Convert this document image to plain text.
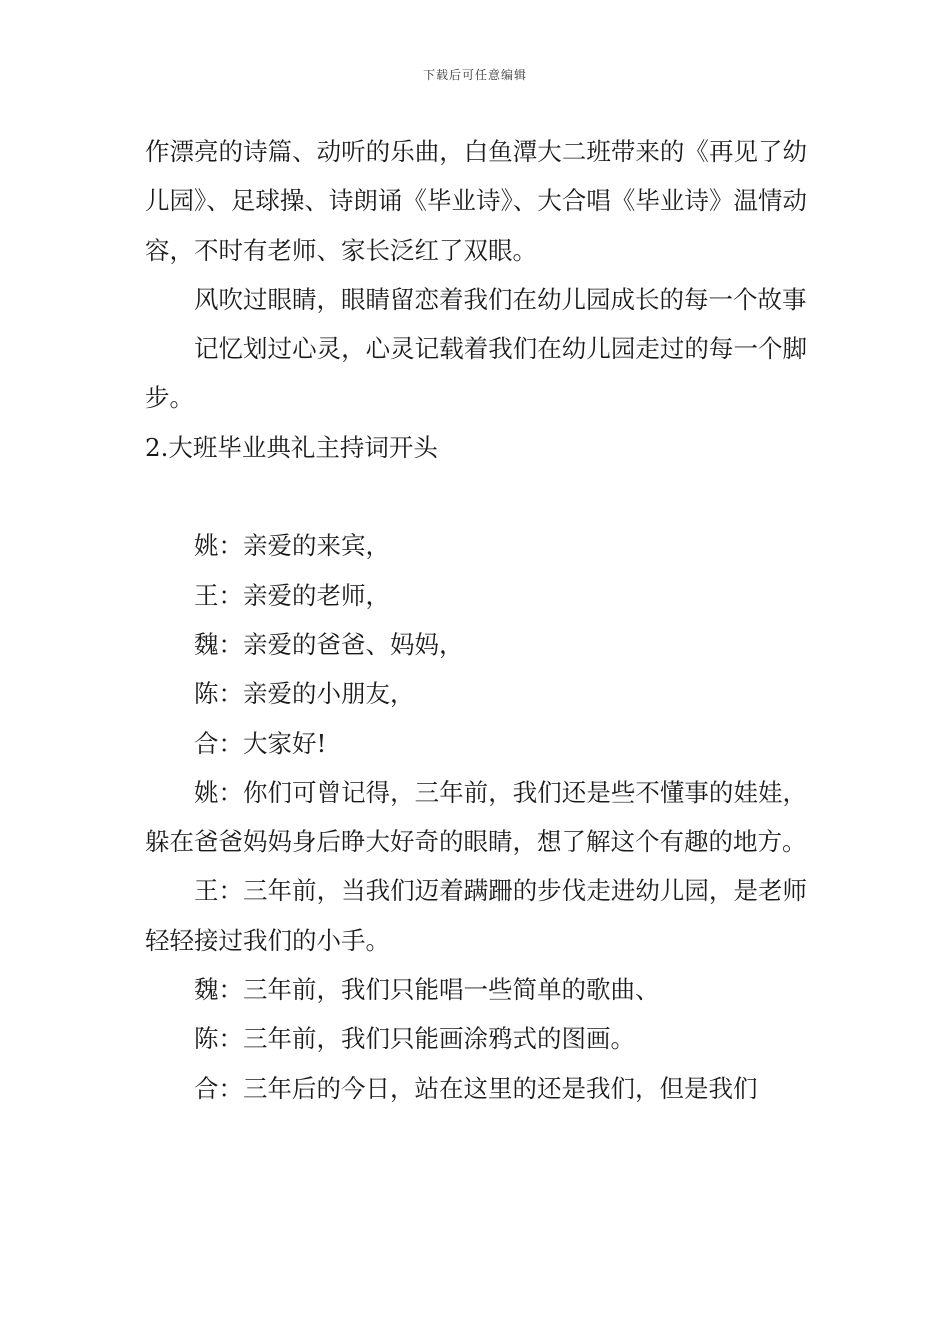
下载后可任意编辑

作漂亮的诗篇、动听的乐曲，白鱼潭大二班带来的《再见了幼儿园》、足球操、诗朗诵《毕业诗》、大合唱《毕业诗》温情动容，不时有老师、家长泛红了双眼。

风吹过眼睛，眼睛留恋着我们在幼儿园成长的每一个故事

记忆划过心灵，心灵记载着我们在幼儿园走过的每一个脚步。

2.大班毕业典礼主持词开头

姚：亲爱的来宾，

王：亲爱的老师，

魏：亲爱的爸爸、妈妈，

陈：亲爱的小朋友，

合：大家好!

姚：你们可曾记得，三年前，我们还是些不懂事的娃娃，躲在爸爸妈妈身后睁大好奇的眼睛，想了解这个有趣的地方。

王：三年前，当我们迈着蹒跚的步伐走进幼儿园，是老师轻轻接过我们的小手。

魏：三年前，我们只能唱一些简单的歌曲、

陈：三年前，我们只能画涂鸦式的图画。

合：三年后的今日，站在这里的还是我们，但是我们
